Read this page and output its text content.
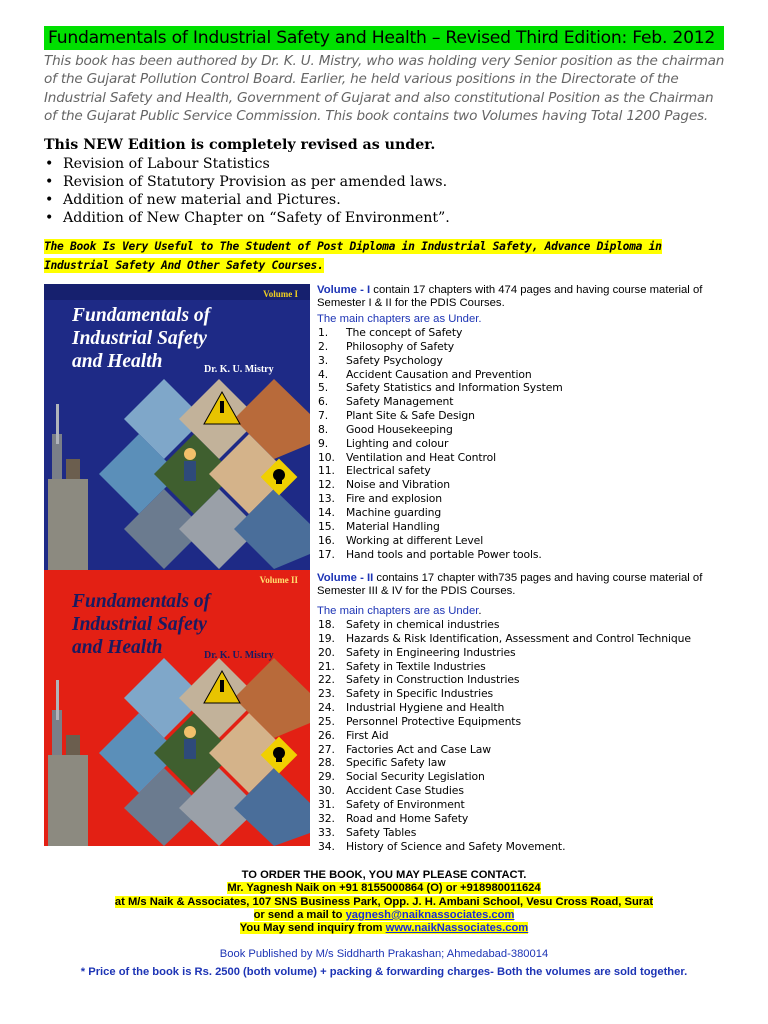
Fundamentals of Industrial Safety and Health – Revised Third Edition: Feb. 2012
This book has been authored by Dr. K. U. Mistry, who was holding very Senior position as the chairman of the Gujarat Pollution Control Board. Earlier, he held various positions in the Directorate of the Industrial Safety and Health, Government of Gujarat and also constitutional Position as the Chairman of the Gujarat Public Service Commission. This book contains two Volumes having Total 1200 Pages.
This NEW Edition is completely revised as under.
• Revision of Labour Statistics
• Revision of Statutory Provision as per amended laws.
• Addition of new material and Pictures.
• Addition of New Chapter on “Safety of Environment”.
The Book Is Very Useful to The Student of Post Diploma in Industrial Safety, Advance Diploma in
Industrial Safety And Other Safety Courses.
Volume I
Fundamentals of
Industrial Safety
and Health	Dr. K. U. Mistry
Volume II
Fundamentals of
Industrial Safety
and Health	Dr. K. U. Mistry
Volume - I contain 17 chapters with 474 pages and having course material of Semester I & II for the PDIS Courses.
The main chapters are as Under.
1. The concept of Safety
2. Philosophy of Safety
3. Safety Psychology
4. Accident Causation and Prevention
5. Safety Statistics and Information System
6. Safety Management
7. Plant Site & Safe Design
8. Good Housekeeping
9. Lighting and colour
10. Ventilation and Heat Control
11. Electrical safety
12. Noise and Vibration
13. Fire and explosion
14. Machine guarding
15. Material Handling
16. Working at different Level
17. Hand tools and portable Power tools.
Volume - II contains 17 chapter with735 pages and having course material of Semester III & IV for the PDIS Courses.
The main chapters are as Under.
18. Safety in chemical industries
19. Hazards & Risk Identification, Assessment and Control Technique
20. Safety in Engineering Industries
21. Safety in Textile Industries
22. Safety in Construction Industries
23. Safety in Specific Industries
24. Industrial Hygiene and Health
25. Personnel Protective Equipments
26. First Aid
27. Factories Act and Case Law
28. Specific Safety law
29. Social Security Legislation
30. Accident Case Studies
31. Safety of Environment
32. Road and Home Safety
33. Safety Tables
34. History of Science and Safety Movement.
TO ORDER THE BOOK, YOU MAY PLEASE CONTACT.
Mr. Yagnesh Naik on +91 8155000864 (O) or +918980011624
at M/s Naik & Associates, 107 SNS Business Park, Opp. J. H. Ambani School, Vesu Cross Road, Surat
or send a mail to yagnesh@naiknassociates.com
You May send inquiry from www.naikNassociates.com
Book Published by M/s Siddharth Prakashan; Ahmedabad-380014
* Price of the book is Rs. 2500 (both volume) + packing & forwarding charges- Both the volumes are sold together.
